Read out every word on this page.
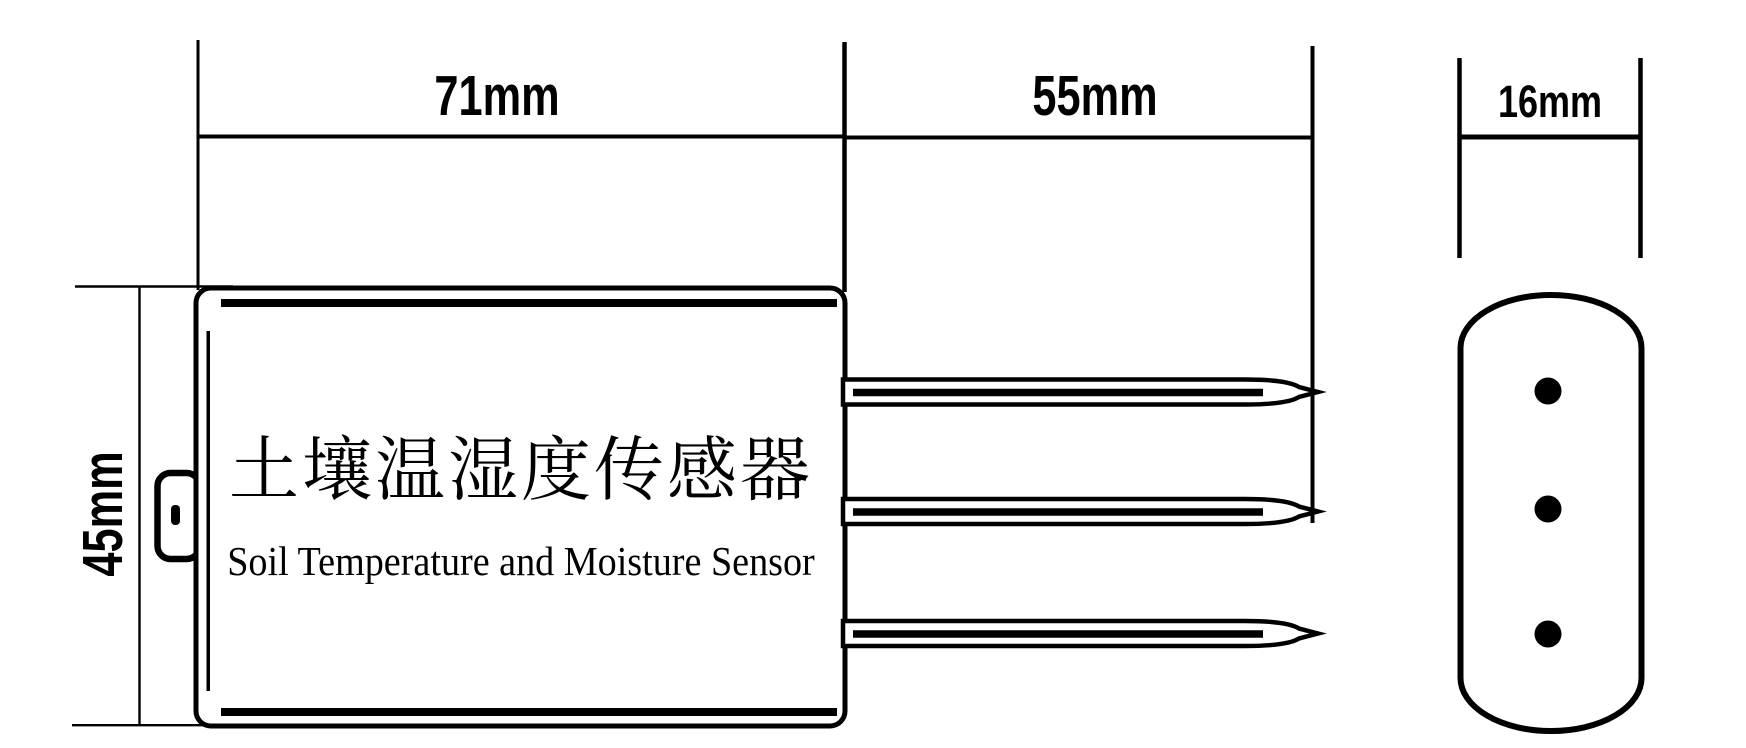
71mm	55mm	16mm
45mm	土壤温湿度传感器
Soil Temperature and Moisture Sensor
